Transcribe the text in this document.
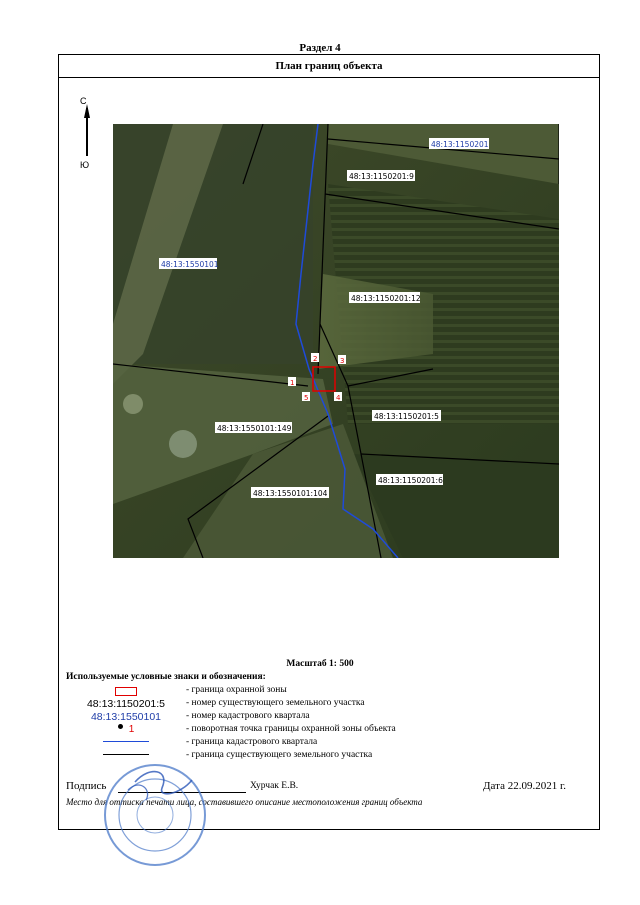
Раздел 4
План границ объекта
С
Ю
1
2	3
4
5
48:13:1150201
48:13:1150201:9
48:13:1150201:12
48:13:1150201:5
48:13:1150201:6
48:13:1550101:149
48:13:1550101:104
48:13:1550101
Масштаб 1: 500
Используемые условные знаки и обозначения:
- граница охранной зоны
48:13:1150201:5	- номер существующего земельного участка
48:13:1550101	- номер кадастрового квартала
1	- поворотная точка границы охранной зоны объекта
- граница кадастрового квартала
- граница существующего земельного участка
Подпись	Хурчак Е.В.	Дата 22.09.2021 г.
Место для оттиска печати лица, составившего описание местоположения границ объекта
